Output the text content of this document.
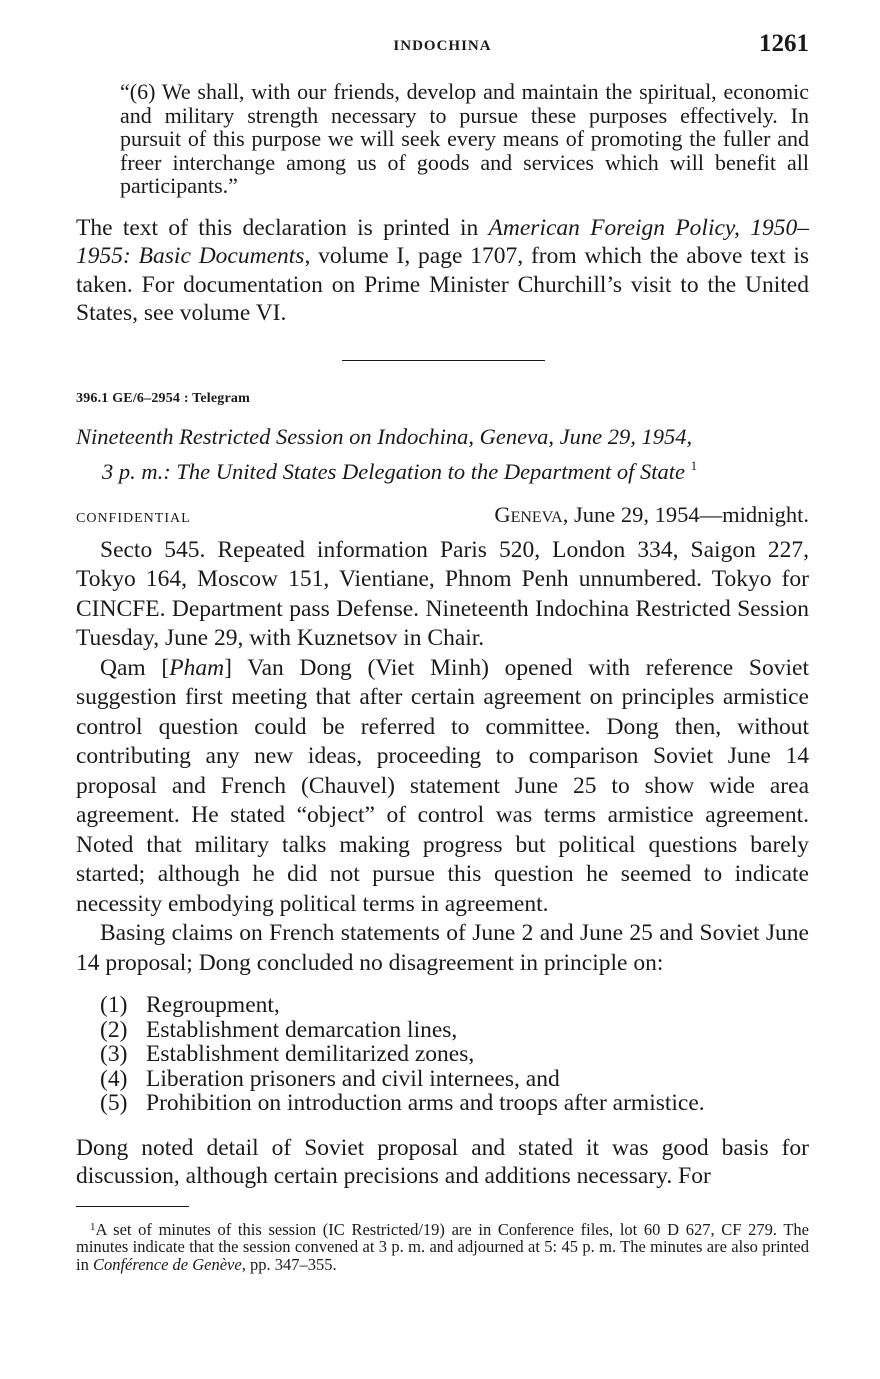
INDOCHINA	1261

“(6) We shall, with our friends, develop and maintain the spiritual, economic and military strength necessary to pursue these purposes effectively. In pursuit of this purpose we will seek every means of promoting the fuller and freer interchange among us of goods and services which will benefit all participants.”

The text of this declaration is printed in American Foreign Policy, 1950–1955: Basic Documents, volume I, page 1707, from which the above text is taken. For documentation on Prime Minister Churchill’s visit to the United States, see volume VI.

396.1 GE/6–2954 : Telegram
Nineteenth Restricted Session on Indochina, Geneva, June 29, 1954,
3 p. m.: The United States Delegation to the Department of State $^1$
CONFIDENTIAL	Geneva, June 29, 1954—midnight.

Secto 545. Repeated information Paris 520, London 334, Saigon 227, Tokyo 164, Moscow 151, Vientiane, Phnom Penh unnumbered. Tokyo for CINCFE. Department pass Defense. Nineteenth Indochina Restricted Session Tuesday, June 29, with Kuznetsov in Chair.

Qam [Pham] Van Dong (Viet Minh) opened with reference Soviet suggestion first meeting that after certain agreement on principles armistice control question could be referred to committee. Dong then, without contributing any new ideas, proceeding to comparison Soviet June 14 proposal and French (Chauvel) statement June 25 to show wide area agreement. He stated “object” of control was terms armistice agreement. Noted that military talks making progress but political questions barely started; although he did not pursue this question he seemed to indicate necessity embodying political terms in agreement.

Basing claims on French statements of June 2 and June 25 and Soviet June 14 proposal; Dong concluded no disagreement in principle on:

(1) Regroupment,
(2) Establishment demarcation lines,
(3) Establishment demilitarized zones,
(4) Liberation prisoners and civil internees, and
(5) Prohibition on introduction arms and troops after armistice.

Dong noted detail of Soviet proposal and stated it was good basis for discussion, although certain precisions and additions necessary. For

$^1$A set of minutes of this session (IC Restricted/19) are in Conference files, lot 60 D 627, CF 279. The minutes indicate that the session convened at 3 p. m. and adjourned at 5: 45 p. m. The minutes are also printed in Conférence de Genève, pp. 347–355.
